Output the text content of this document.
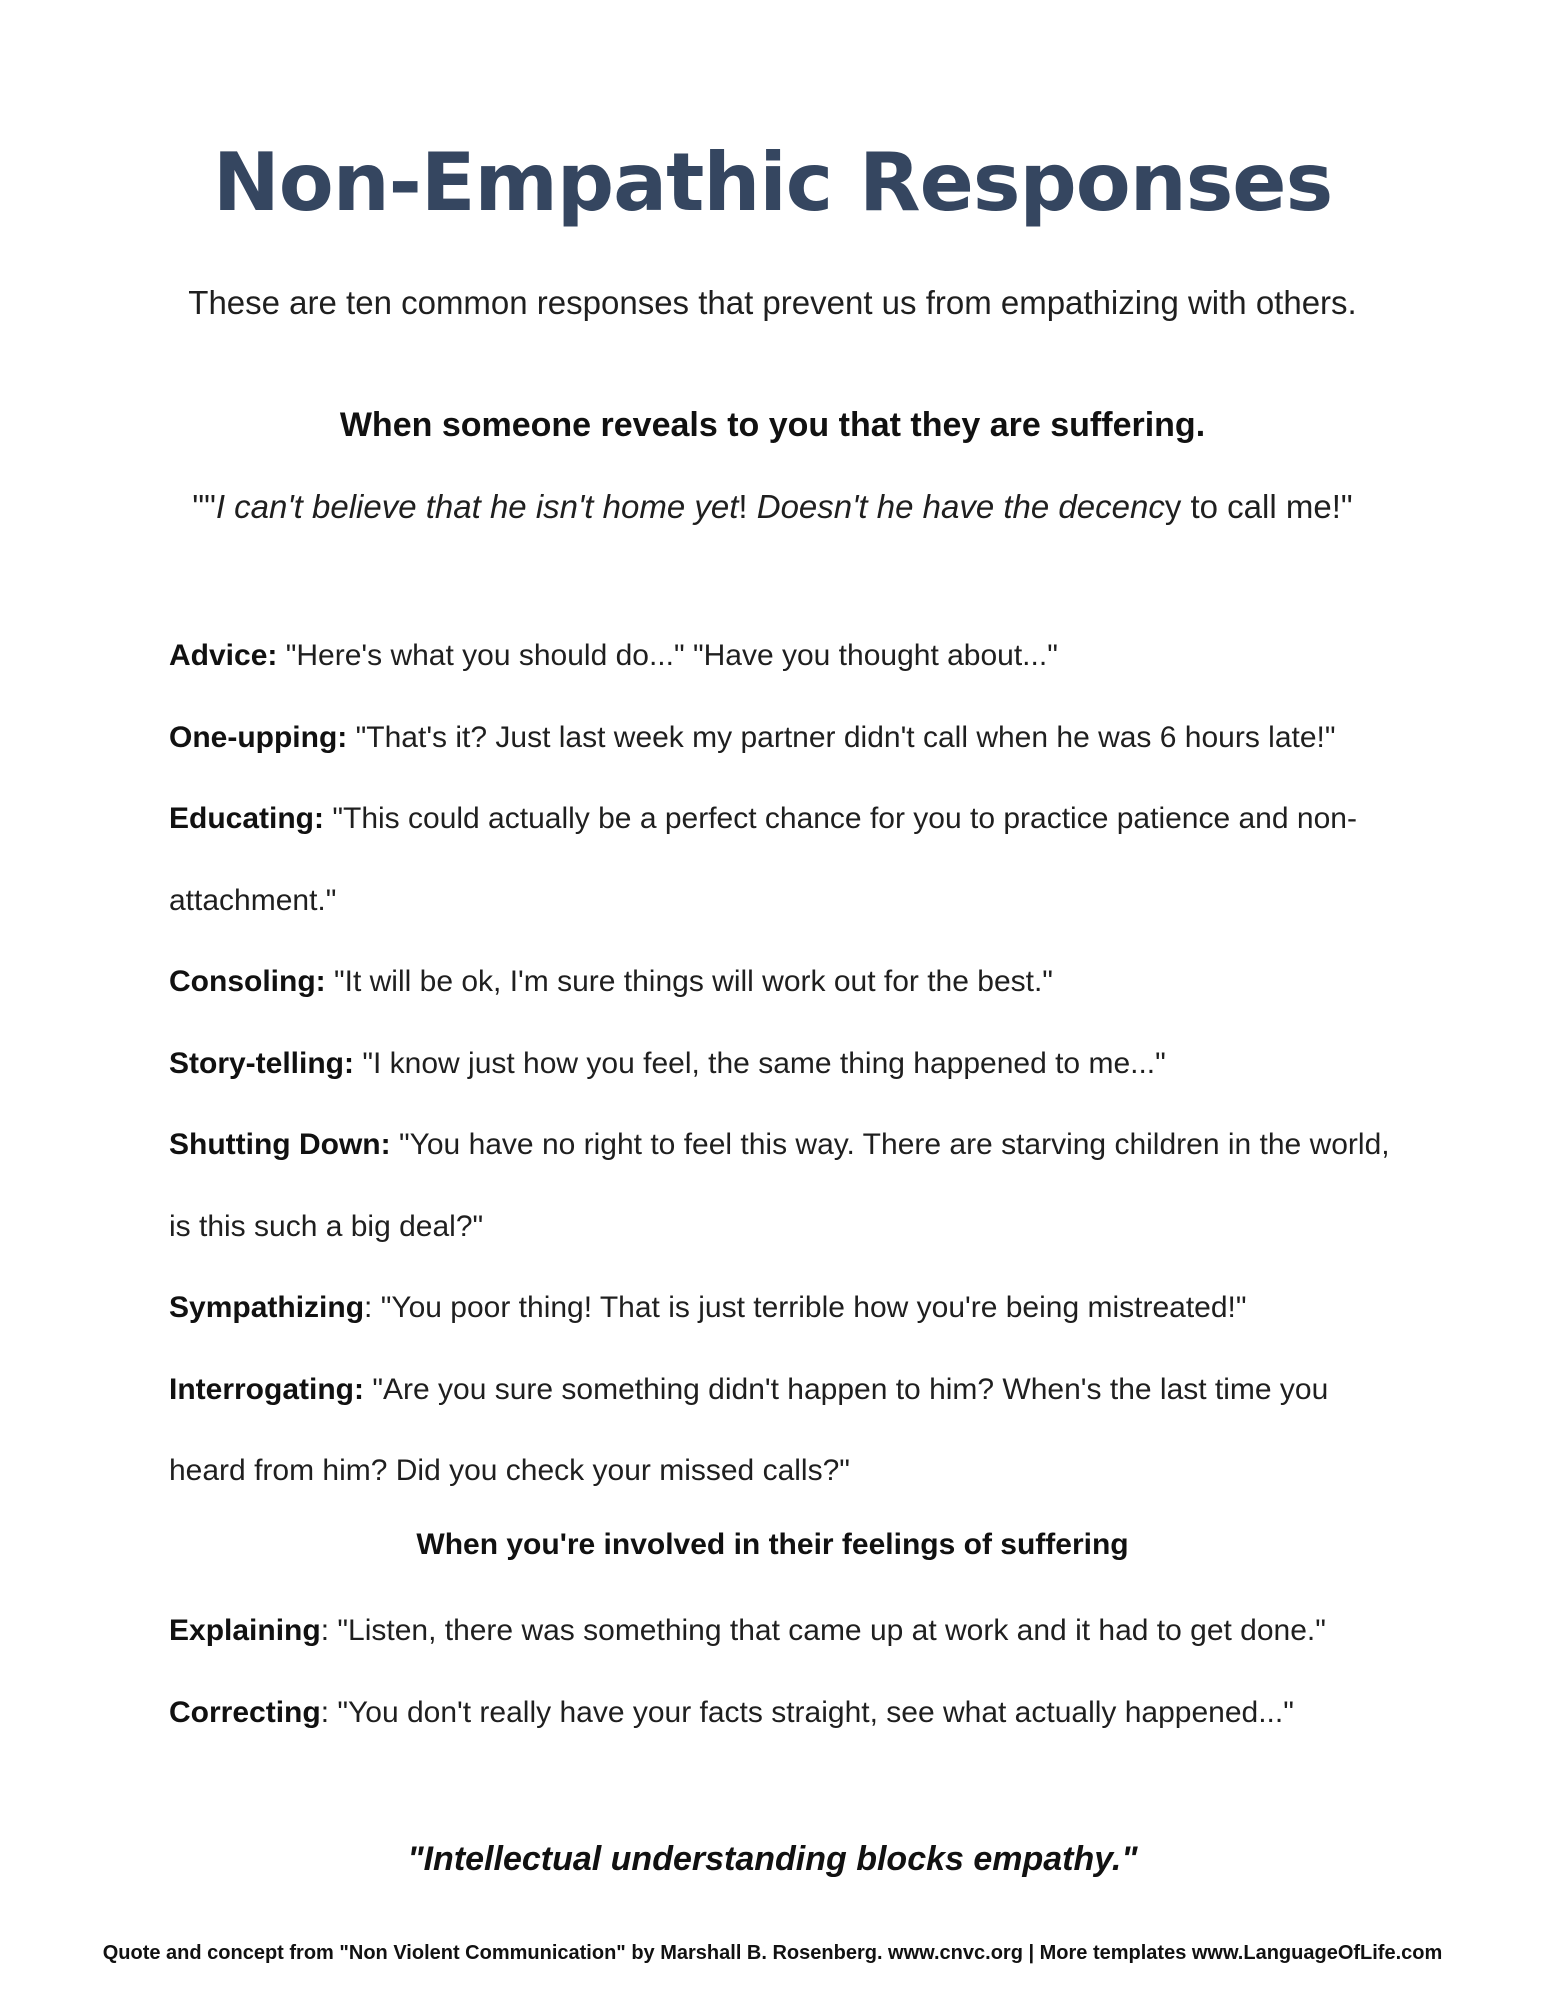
Non-Empathic Responses
These are ten common responses that prevent us from empathizing with others.
When someone reveals to you that they are suffering.
""I can't believe that he isn't home yet! Doesn't he have the decency to call me!"

Advice: "Here's what you should do..." "Have you thought about..."

One-upping: "That's it? Just last week my partner didn't call when he was 6 hours late!"

Educating: "This could actually be a perfect chance for you to practice patience and non-attachment."

Consoling: "It will be ok, I'm sure things will work out for the best."

Story-telling: "I know just how you feel, the same thing happened to me..."

Shutting Down: "You have no right to feel this way. There are starving children in the world, is this such a big deal?"

Sympathizing: "You poor thing! That is just terrible how you're being mistreated!"

Interrogating: "Are you sure something didn't happen to him? When's the last time you heard from him? Did you check your missed calls?"

When you're involved in their feelings of suffering

Explaining: "Listen, there was something that came up at work and it had to get done."

Correcting: "You don't really have your facts straight, see what actually happened..."

"Intellectual understanding blocks empathy."
Quote and concept from "Non Violent Communication" by Marshall B. Rosenberg. www.cnvc.org | More templates www.LanguageOfLife.com
